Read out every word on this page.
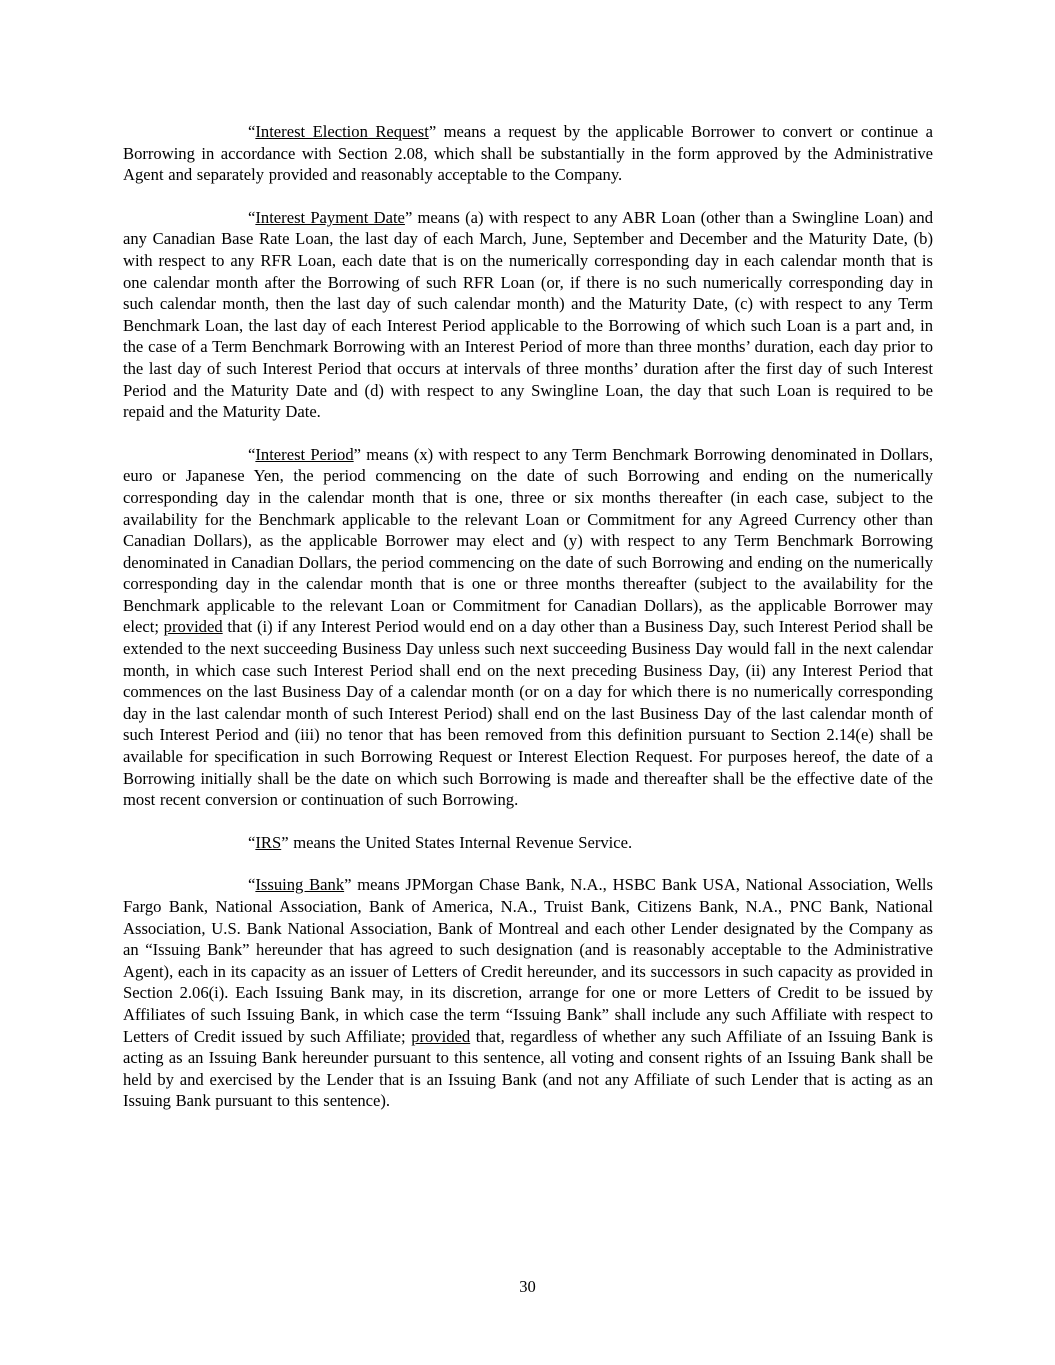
“Interest Election Request” means a request by the applicable Borrower to convert or continue a Borrowing in accordance with Section 2.08, which shall be substantially in the form approved by the Administrative Agent and separately provided and reasonably acceptable to the Company.

“Interest Payment Date” means (a) with respect to any ABR Loan (other than a Swingline Loan) and any Canadian Base Rate Loan, the last day of each March, June, September and December and the Maturity Date, (b) with respect to any RFR Loan, each date that is on the numerically corresponding day in each calendar month that is one calendar month after the Borrowing of such RFR Loan (or, if there is no such numerically corresponding day in such calendar month, then the last day of such calendar month) and the Maturity Date, (c) with respect to any Term Benchmark Loan, the last day of each Interest Period applicable to the Borrowing of which such Loan is a part and, in the case of a Term Benchmark Borrowing with an Interest Period of more than three months’ duration, each day prior to the last day of such Interest Period that occurs at intervals of three months’ duration after the first day of such Interest Period and the Maturity Date and (d) with respect to any Swingline Loan, the day that such Loan is required to be repaid and the Maturity Date.

“Interest Period” means (x) with respect to any Term Benchmark Borrowing denominated in Dollars, euro or Japanese Yen, the period commencing on the date of such Borrowing and ending on the numerically corresponding day in the calendar month that is one, three or six months thereafter (in each case, subject to the availability for the Benchmark applicable to the relevant Loan or Commitment for any Agreed Currency other than Canadian Dollars), as the applicable Borrower may elect and (y) with respect to any Term Benchmark Borrowing denominated in Canadian Dollars, the period commencing on the date of such Borrowing and ending on the numerically corresponding day in the calendar month that is one or three months thereafter (subject to the availability for the Benchmark applicable to the relevant Loan or Commitment for Canadian Dollars), as the applicable Borrower may elect; provided that (i) if any Interest Period would end on a day other than a Business Day, such Interest Period shall be extended to the next succeeding Business Day unless such next succeeding Business Day would fall in the next calendar month, in which case such Interest Period shall end on the next preceding Business Day, (ii) any Interest Period that commences on the last Business Day of a calendar month (or on a day for which there is no numerically corresponding day in the last calendar month of such Interest Period) shall end on the last Business Day of the last calendar month of such Interest Period and (iii) no tenor that has been removed from this definition pursuant to Section 2.14(e) shall be available for specification in such Borrowing Request or Interest Election Request. For purposes hereof, the date of a Borrowing initially shall be the date on which such Borrowing is made and thereafter shall be the effective date of the most recent conversion or continuation of such Borrowing.

“IRS” means the United States Internal Revenue Service.

“Issuing Bank” means JPMorgan Chase Bank, N.A., HSBC Bank USA, National Association, Wells Fargo Bank, National Association, Bank of America, N.A., Truist Bank, Citizens Bank, N.A., PNC Bank, National Association, U.S. Bank National Association, Bank of Montreal and each other Lender designated by the Company as an “Issuing Bank” hereunder that has agreed to such designation (and is reasonably acceptable to the Administrative Agent), each in its capacity as an issuer of Letters of Credit hereunder, and its successors in such capacity as provided in Section 2.06(i). Each Issuing Bank may, in its discretion, arrange for one or more Letters of Credit to be issued by Affiliates of such Issuing Bank, in which case the term “Issuing Bank” shall include any such Affiliate with respect to Letters of Credit issued by such Affiliate; provided that, regardless of whether any such Affiliate of an Issuing Bank is acting as an Issuing Bank hereunder pursuant to this sentence, all voting and consent rights of an Issuing Bank shall be held by and exercised by the Lender that is an Issuing Bank (and not any Affiliate of such Lender that is acting as an Issuing Bank pursuant to this sentence).

30
